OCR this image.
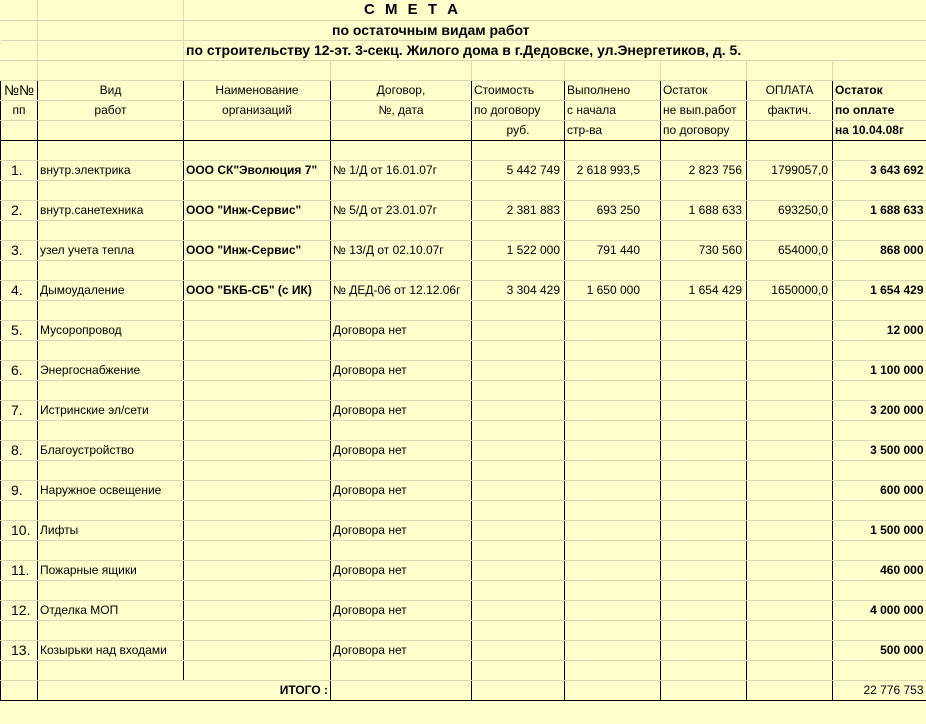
		С М Е Т А						
		по остаточным видам работ						
		по строительству 12-эт. 3-секц. Жилого дома в г.Дедовске, ул.Энергетиков, д. 5.						

№№	Вид	Наименование	Договор,	Стоимость	Выполнено	Остаток	ОПЛАТА	Остаток
пп	работ	организаций	№, дата	по договору	с начала	не вып.работ	фактич.	по оплате
				руб.	стр-ва	по договору		на 10.04.08г

1.	внутр.электрика	ООО СК"Эволюция 7"	№ 1/Д от 16.01.07г	5 442 749	2 618 993,5	2 823 756	1799057,0	3 643 692

2.	внутр.санетехника	ООО "Инж-Сервис"	№ 5/Д от 23.01.07г	2 381 883	693 250	1 688 633	693250,0	1 688 633

3.	узел учета тепла	ООО "Инж-Сервис"	№ 13/Д от 02.10.07г	1 522 000	791 440	730 560	654000,0	868 000

4.	Дымоудаление	ООО "БКБ-СБ" (с ИК)	№ ДЕД-06 от 12.12.06г	3 304 429	1 650 000	1 654 429	1650000,0	1 654 429

5.	Мусоропровод		Договора нет					12 000

6.	Энергоснабжение		Договора нет					1 100 000

7.	Истринские эл/сети		Договора нет					3 200 000

8.	Благоустройство		Договора нет					3 500 000

9.	Наружное освещение		Договора нет					600 000

10.	Лифты		Договора нет					1 500 000

11.	Пожарные ящики		Договора нет					460 000

12.	Отделка МОП		Договора нет					4 000 000

13.	Козырьки над входами		Договора нет					500 000

	ИТОГО :							22 776 753
